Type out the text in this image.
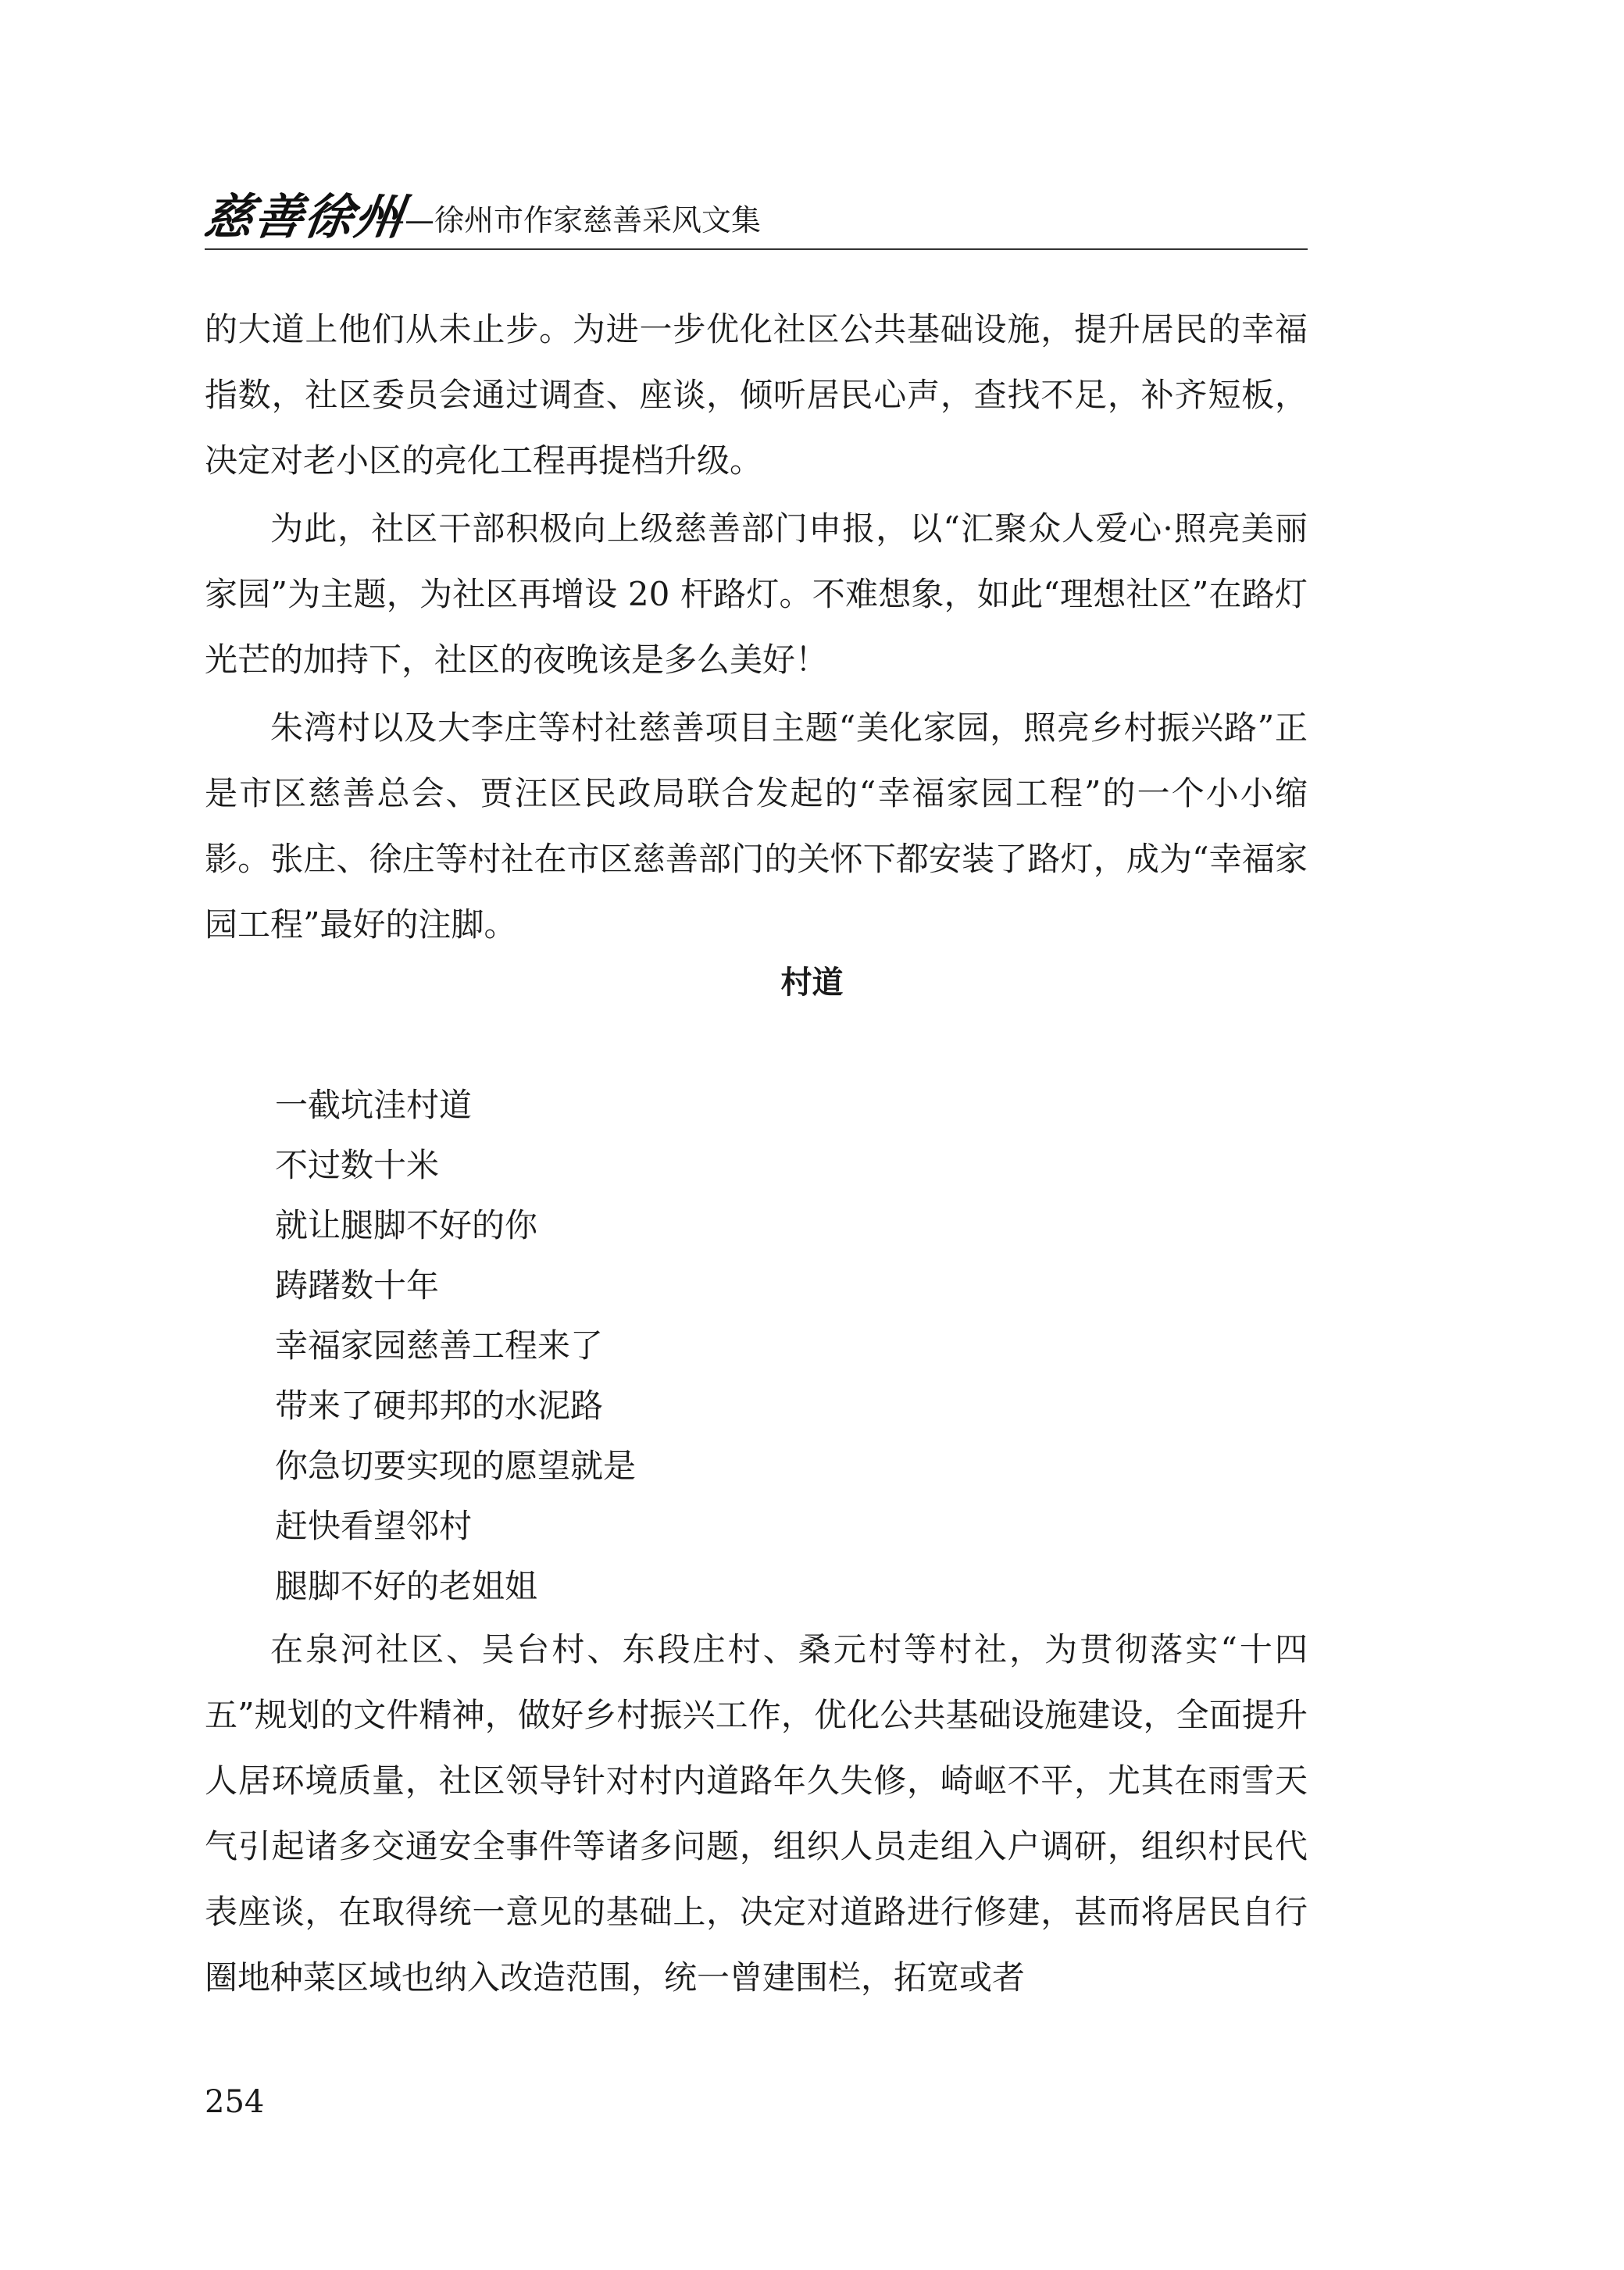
慈善徐州
——徐州市作家慈善采风文集

的大道上他们从未止步。为进一步优化社区公共基础设施，提升居民的幸福指数，社区委员会通过调查、座谈，倾听居民心声，查找不足，补齐短板，决定对老小区的亮化工程再提档升级。

为此，社区干部积极向上级慈善部门申报，以“汇聚众人爱心·照亮美丽家园”为主题，为社区再增设 20 杆路灯。不难想象，如此“理想社区”在路灯光芒的加持下，社区的夜晚该是多么美好！

朱湾村以及大李庄等村社慈善项目主题“美化家园，照亮乡村振兴路”正是市区慈善总会、贾汪区民政局联合发起的“幸福家园工程”的一个小小缩影。张庄、徐庄等村社在市区慈善部门的关怀下都安装了路灯，成为“幸福家园工程”最好的注脚。

村道
一截坑洼村道
不过数十米
就让腿脚不好的你
踌躇数十年
幸福家园慈善工程来了
带来了硬邦邦的水泥路
你急切要实现的愿望就是
赶快看望邻村
腿脚不好的老姐姐

在泉河社区、吴台村、东段庄村、桑元村等村社，为贯彻落实“十四五”规划的文件精神，做好乡村振兴工作，优化公共基础设施建设，全面提升人居环境质量，社区领导针对村内道路年久失修，崎岖不平，尤其在雨雪天气引起诸多交通安全事件等诸多问题，组织人员走组入户调研，组织村民代表座谈，在取得统一意见的基础上，决定对道路进行修建，甚而将居民自行圈地种菜区域也纳入改造范围，统一曾建围栏，拓宽或者

254
